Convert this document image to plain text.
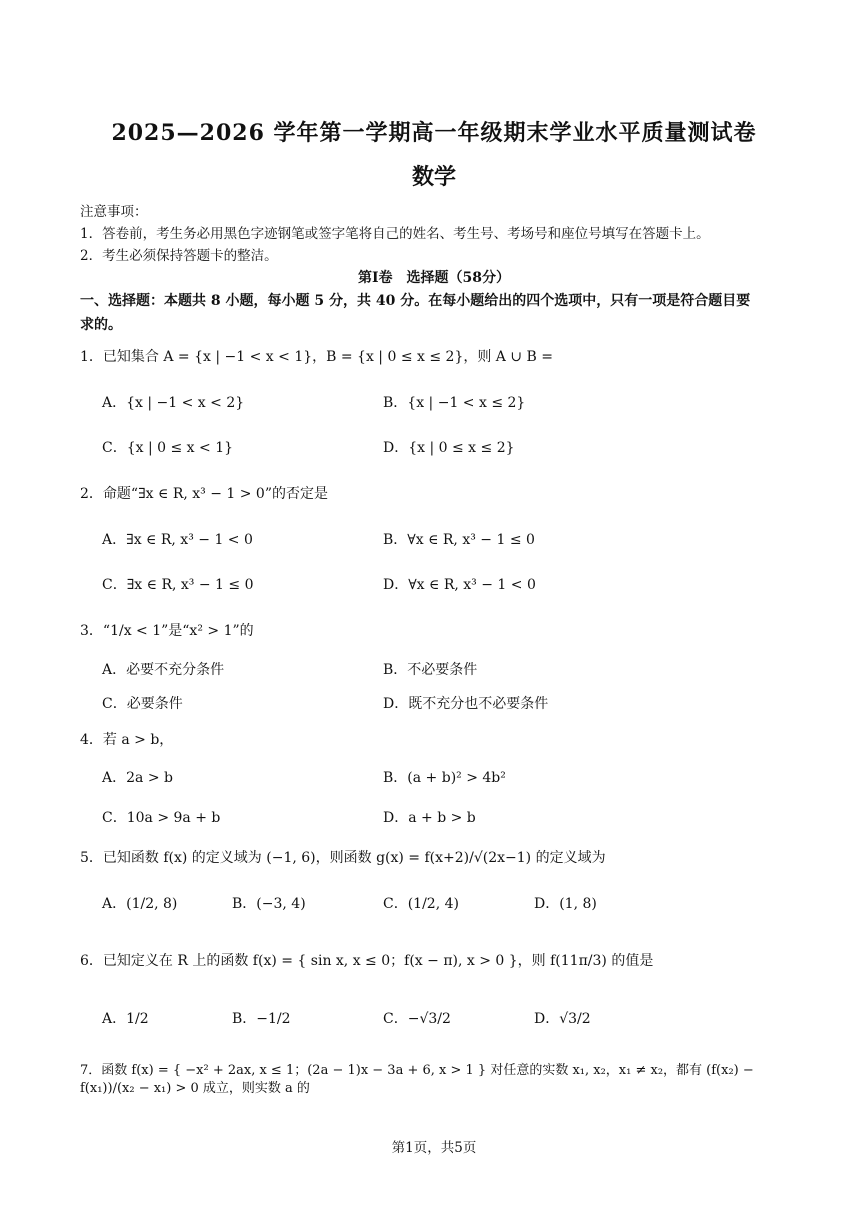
2025—2026 学年第一学期高一年级期末学业水平质量测试卷
数学
注意事项：
1．答卷前，考生务必用黑色字迹钢笔或签字笔将自己的姓名、考生号、考场号和座位号填写在答题卡上。
2．考生必须保持答题卡的整洁。
第Ⅰ卷　选择题（58分）
一、选择题：本题共 8 小题，每小题 5 分，共 40 分。在每小题给出的四个选项中，只有一项是符合题目要
求的。
1．已知集合 A = {x | −1 < x < 1}，B = {x | 0 ≤ x ≤ 2}，则 A ∪ B =
A．{x | −1 < x < 2}	B．{x | −1 < x ≤ 2}
C．{x | 0 ≤ x < 1}	D．{x | 0 ≤ x ≤ 2}
2．命题“∃x ∈ R, x³ − 1 > 0”的否定是
A．∃x ∈ R, x³ − 1 < 0	B．∀x ∈ R, x³ − 1 ≤ 0
C．∃x ∈ R, x³ − 1 ≤ 0	D．∀x ∈ R, x³ − 1 < 0
3．“1/x < 1”是“x² > 1”的
A．必要不充分条件	B．不必要条件
C．必要条件	D．既不充分也不必要条件
4．若 a > b，
A．2a > b	B．(a + b)² > 4b²
C．10a > 9a + b	D．a + b > b
5．已知函数 f(x) 的定义域为 (−1, 6)，则函数 g(x) = f(x+2)/√(2x−1) 的定义域为
A．(1/2, 8)	B．(−3, 4)	C．(1/2, 4)	D．(1, 8)
6．已知定义在 R 上的函数 f(x) = { sin x, x ≤ 0；f(x − π), x > 0 }，则 f(11π/3) 的值是
A．1/2	B．−1/2	C．−√3/2	D．√3/2
7．函数 f(x) = { −x² + 2ax, x ≤ 1；(2a − 1)x − 3a + 6, x > 1 } 对任意的实数 x₁, x₂，x₁ ≠ x₂，都有 (f(x₂) − f(x₁))/(x₂ − x₁) > 0 成立，则实数 a 的
第1页，共5页
